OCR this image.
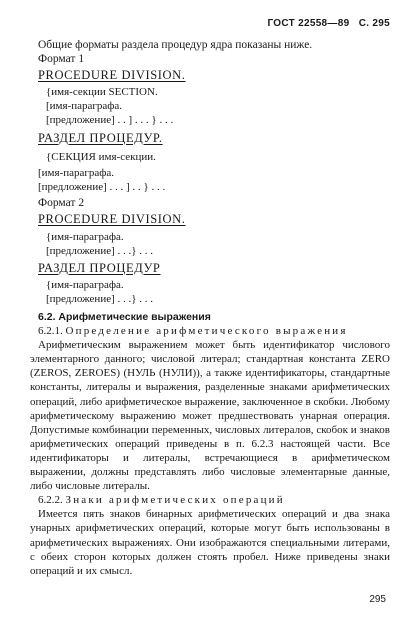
ГОСТ 22558—89 С. 295
Общие форматы раздела процедур ядра показаны ниже.
Формат 1
PROCEDURE DIVISION.
{имя-секции SECTION.
[имя-параграфа.
[предложение] . . ] . . . } . . .
РАЗДЕЛ ПРОЦЕДУР.
{СЕКЦИЯ имя-секции.
[имя-параграфа.
[предложение] . . . ] . . } . . .
Формат 2
PROCEDURE DIVISION.
{имя-параграфа.
[предложение] . . .} . . .
РАЗДЕЛ ПРОЦЕДУР
{имя-параграфа.
[предложение] . . .} . . .
6.2. Арифметические выражения

6.2.1. Определение арифметического выражения

Арифметическим выражением может быть идентификатор числового элементарного данного; числовой литерал; стандартная константа ZERO (ZEROS, ZEROES) (НУЛЬ (НУЛИ)), а также идентификаторы, стандартные константы, литералы и выражения, разделенные знаками арифметических операций, либо арифметическое выражение, заключенное в скобки. Любому арифметическому выражению может предшествовать унарная операция. Допустимые комбинации переменных, числовых литералов, скобок и знаков арифметических операций приведены в п. 6.2.3 настоящей части. Все идентификаторы и литералы, встречающиеся в арифметическом выражении, должны представлять либо числовые элементарные данные, либо числовые литералы.

6.2.2. Знаки арифметических операций

Имеется пять знаков бинарных арифметических операций и два знака унарных арифметических операций, которые могут быть использованы в арифметических выражениях. Они изображаются специальными литерами, с обеих сторон которых должен стоять пробел. Ниже приведены знаки операций и их смысл.

295
